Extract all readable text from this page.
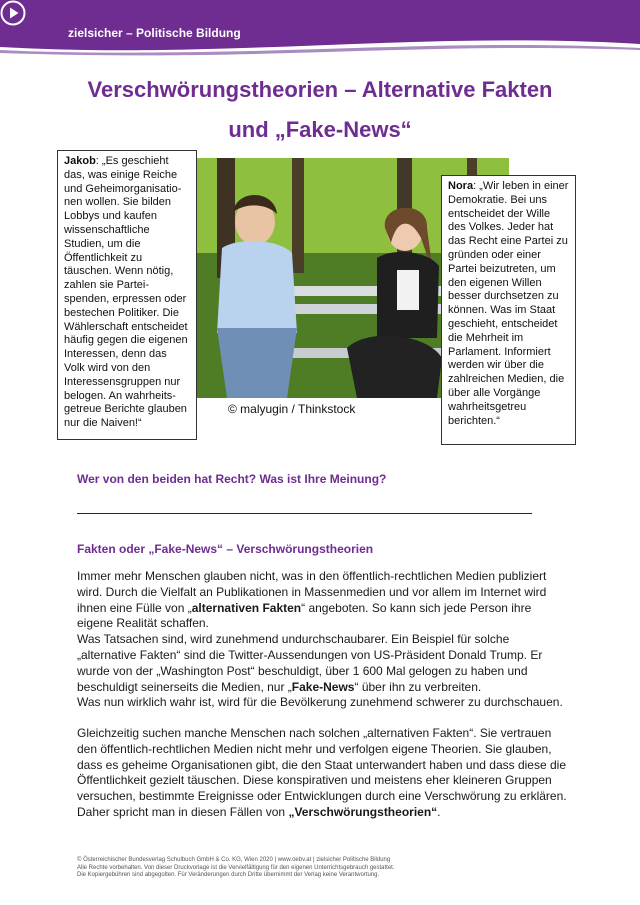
zielsicher – Politische Bildung
Verschwörungstheorien – Alternative Fakten
und „Fake-News“
© malyugin / Thinkstock
Jakob: „Es geschieht das, was einige Reiche und Geheimorganisatio-nen wollen. Sie bilden Lobbys und kaufen wissenschaftliche Studien, um die Öffentlichkeit zu täuschen. Wenn nötig, zahlen sie Partei-spenden, erpressen oder bestechen Politiker. Die Wählerschaft entscheidet häufig gegen die eigenen Interessen, denn das Volk wird von den Interessensgruppen nur belogen. An wahrheits-getreue Berichte glauben nur die Naiven!“
Nora: „Wir leben in einer Demokratie. Bei uns entscheidet der Wille des Volkes. Jeder hat das Recht eine Partei zu gründen oder einer Partei beizutreten, um den eigenen Willen besser durchsetzen zu können. Was im Staat geschieht, entscheidet die Mehrheit im Parlament. Informiert werden wir über die zahlreichen Medien, die über alle Vorgänge wahrheitsgetreu berichten.“
Wer von den beiden hat Recht? Was ist Ihre Meinung?
Fakten oder „Fake-News“ – Verschwörungstheorien

Immer mehr Menschen glauben nicht, was in den öffentlich-rechtlichen Medien publiziert wird. Durch die Vielfalt an Publikationen in Massenmedien und vor allem im Internet wird ihnen eine Fülle von „alternativen Fakten“ angeboten. So kann sich jede Person ihre eigene Realität schaffen.
Was Tatsachen sind, wird zunehmend undurchschaubarer. Ein Beispiel für solche „alternative Fakten“ sind die Twitter-Aussendungen von US-Präsident Donald Trump. Er wurde von der „Washington Post“ beschuldigt, über 1 600 Mal gelogen zu haben und beschuldigt seinerseits die Medien, nur „Fake-News“ über ihn zu verbreiten.
Was nun wirklich wahr ist, wird für die Bevölkerung zunehmend schwerer zu durchschauen.

Gleichzeitig suchen manche Menschen nach solchen „alternativen Fakten“. Sie vertrauen den öffentlich-rechtlichen Medien nicht mehr und verfolgen eigene Theorien. Sie glauben, dass es geheime Organisationen gibt, die den Staat unterwandert haben und dass diese die Öffentlichkeit gezielt täuschen. Diese konspirativen und meistens eher kleineren Gruppen versuchen, bestimmte Ereignisse oder Entwicklungen durch eine Verschwörung zu erklären. Daher spricht man in diesen Fällen von „Verschwörungstheorien“.

© Österreichischer Bundesverlag Schulbuch GmbH & Co. KG, Wien 2020 | www.oebv.at | zielsicher Politische Bildung
Alle Rechte vorbehalten. Von dieser Druckvorlage ist die Vervielfältigung für den eigenen Unterrichtsgebrauch gestattet.
Die Kopiergebühren sind abgegolten. Für Veränderungen durch Dritte übernimmt der Verlag keine Verantwortung.
